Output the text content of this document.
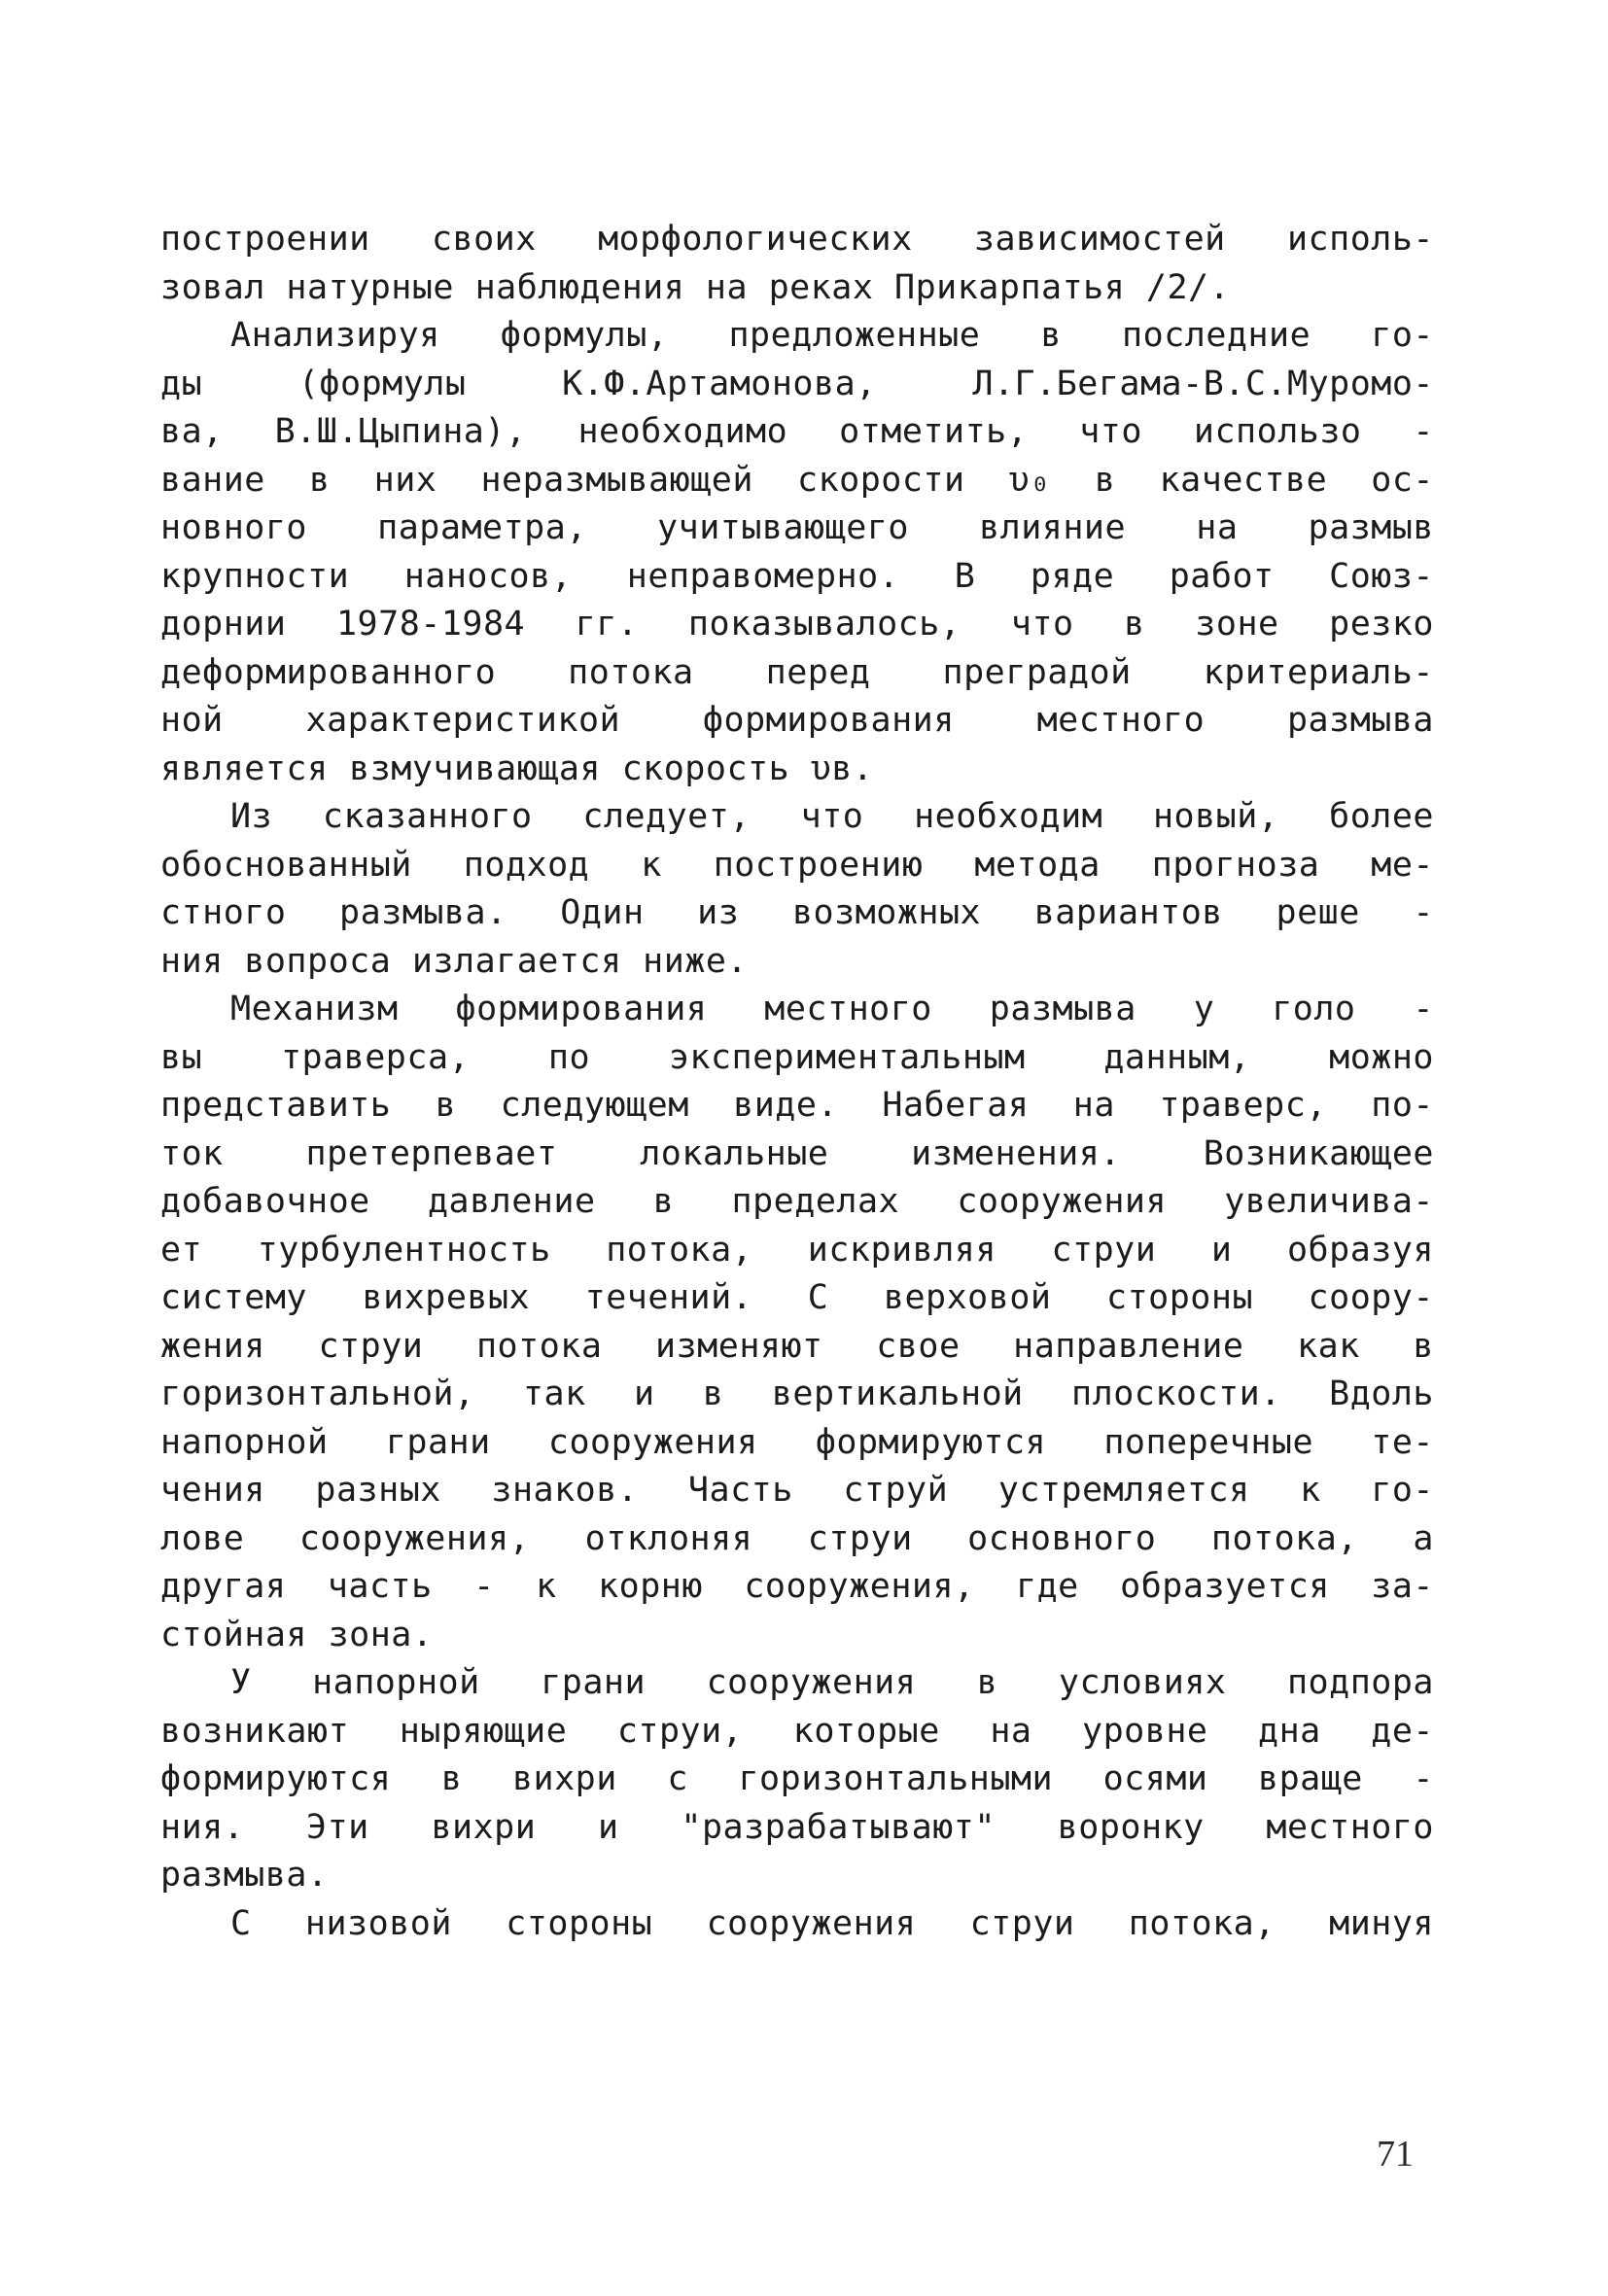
построении своих морфологических зависимостей исполь-
зовал натурные наблюдения на реках Прикарпатья /2/.
Анализируя формулы, предложенные в последние го-
ды (формулы К.Ф.Артамонова, Л.Г.Бегама-В.С.Муромо-
ва, В.Ш.Цыпина), необходимо отметить, что использо -
вание в них неразмывающей скорости υ₀ в качестве ос-
новного параметра, учитывающего влияние на размыв
крупности наносов, неправомерно. В ряде работ Союз-
дорнии 1978-1984 гг. показывалось, что в зоне резко
деформированного потока перед преградой критериаль-
ной характеристикой формирования местного размыва
является взмучивающая скорость υв.
Из сказанного следует, что необходим новый, более
обоснованный подход к построению метода прогноза ме-
стного размыва. Один из возможных вариантов реше -
ния вопроса излагается ниже.
Механизм формирования местного размыва у голо -
вы траверса, по экспериментальным данным, можно
представить в следующем виде. Набегая на траверс, по-
ток претерпевает локальные изменения. Возникающее
добавочное давление в пределах сооружения увеличива-
ет турбулентность потока, искривляя струи и образуя
систему вихревых течений. С верховой стороны соору-
жения струи потока изменяют свое направление как в
горизонтальной, так и в вертикальной плоскости. Вдоль
напорной грани сооружения формируются поперечные те-
чения разных знаков. Часть струй устремляется к го-
лове сооружения, отклоняя струи основного потока, а
другая часть - к корню сооружения, где образуется за-
стойная зона.
У напорной грани сооружения в условиях подпора
возникают ныряющие струи, которые на уровне дна де-
формируются в вихри с горизонтальными осями враще -
ния. Эти вихри и "разрабатывают" воронку местного
размыва.
С низовой стороны сооружения струи потока, минуя
71
